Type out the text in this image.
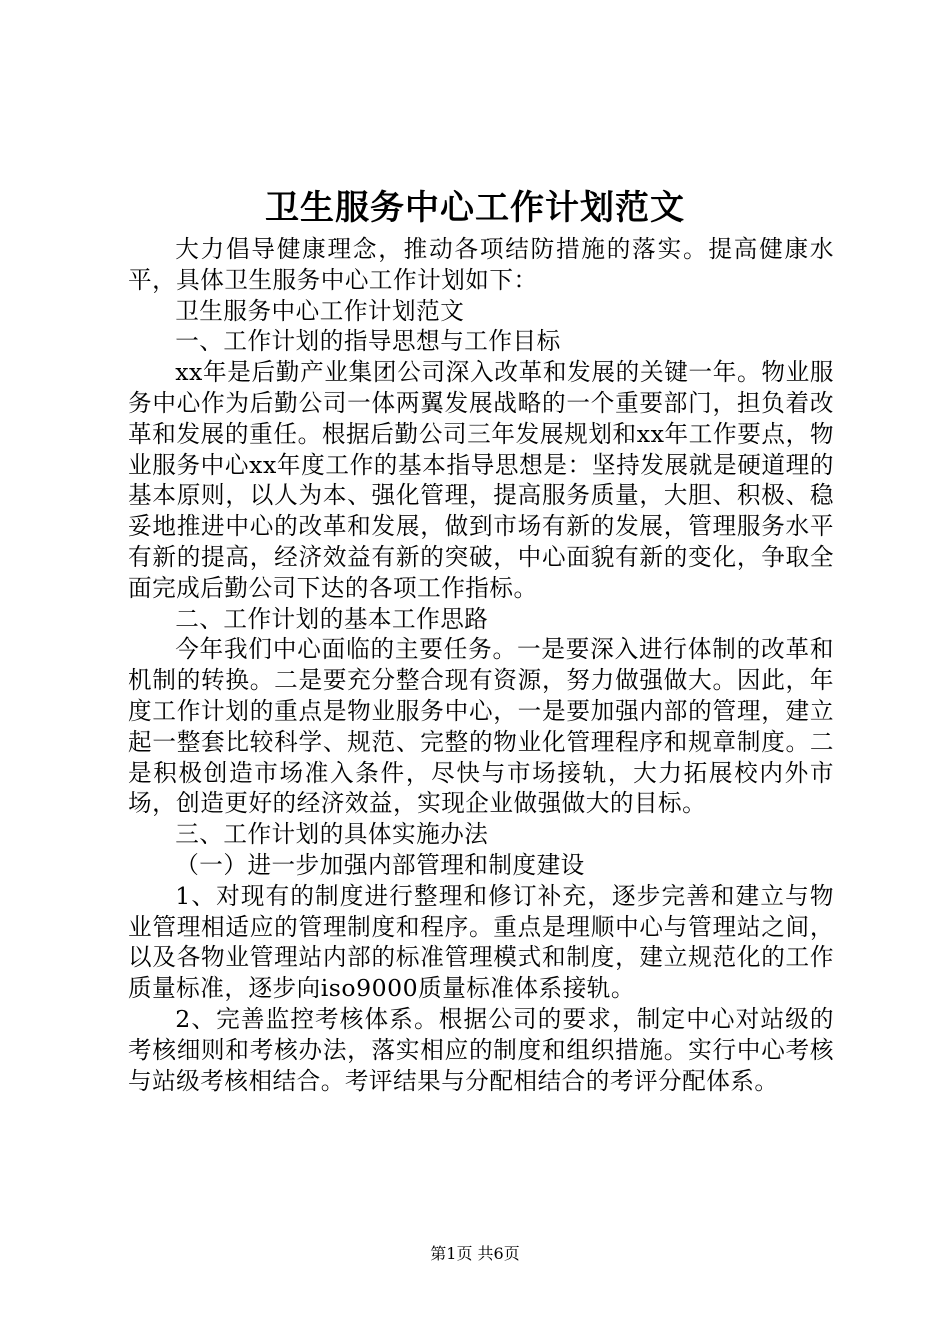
卫生服务中心工作计划范文

大力倡导健康理念，推动各项结防措施的落实。提高健康水平，具体卫生服务中心工作计划如下：

卫生服务中心工作计划范文

一、工作计划的指导思想与工作目标

xx年是后勤产业集团公司深入改革和发展的关键一年。物业服务中心作为后勤公司一体两翼发展战略的一个重要部门，担负着改革和发展的重任。根据后勤公司三年发展规划和xx年工作要点，物业服务中心xx年度工作的基本指导思想是：坚持发展就是硬道理的基本原则，以人为本、强化管理，提高服务质量，大胆、积极、稳妥地推进中心的改革和发展，做到市场有新的发展，管理服务水平有新的提高，经济效益有新的突破，中心面貌有新的变化，争取全面完成后勤公司下达的各项工作指标。

二、工作计划的基本工作思路

今年我们中心面临的主要任务。一是要深入进行体制的改革和机制的转换。二是要充分整合现有资源，努力做强做大。因此，年度工作计划的重点是物业服务中心，一是要加强内部的管理，建立起一整套比较科学、规范、完整的物业化管理程序和规章制度。二是积极创造市场准入条件，尽快与市场接轨，大力拓展校内外市场，创造更好的经济效益，实现企业做强做大的目标。

三、工作计划的具体实施办法

（一）进一步加强内部管理和制度建设

1、对现有的制度进行整理和修订补充，逐步完善和建立与物业管理相适应的管理制度和程序。重点是理顺中心与管理站之间，以及各物业管理站内部的标准管理模式和制度，建立规范化的工作质量标准，逐步向iso9000质量标准体系接轨。

2、完善监控考核体系。根据公司的要求，制定中心对站级的考核细则和考核办法，落实相应的制度和组织措施。实行中心考核与站级考核相结合。考评结果与分配相结合的考评分配体系。

第1页 共6页
